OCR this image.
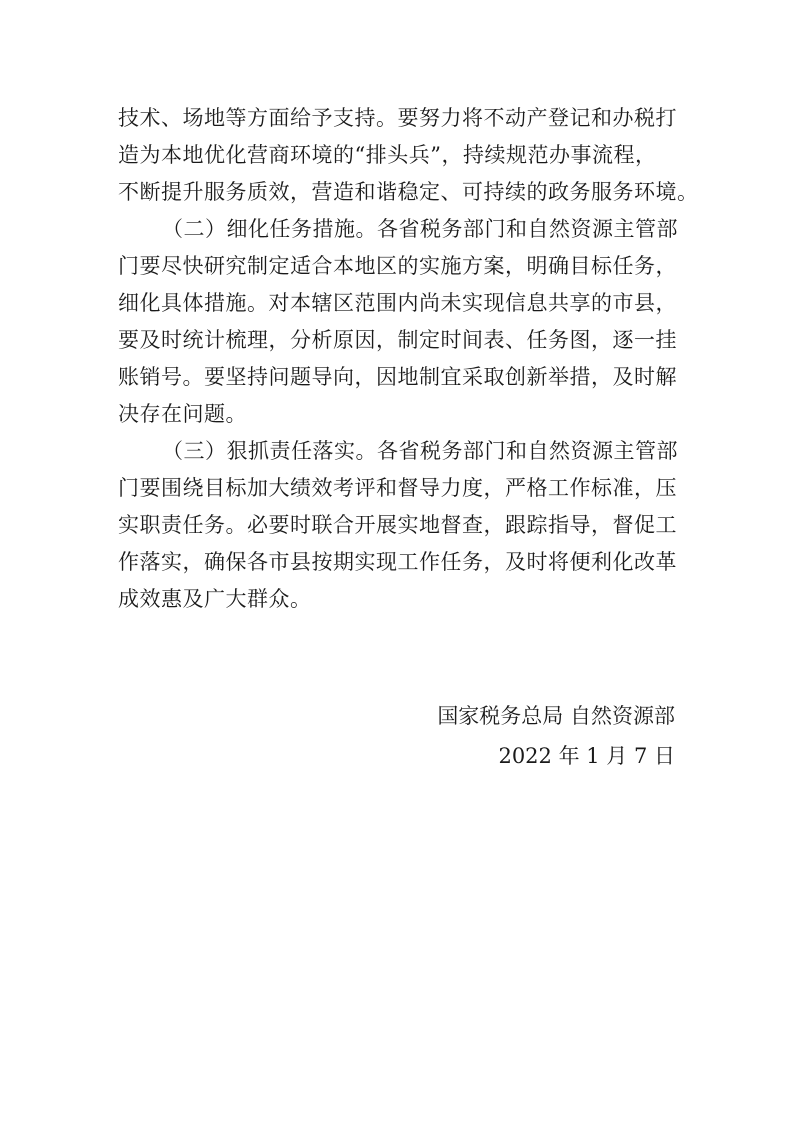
技术、场地等方面给予支持。要努力将不动产登记和办税打
造为本地优化营商环境的“排头兵”，持续规范办事流程，
不断提升服务质效，营造和谐稳定、可持续的政务服务环境。
（二）细化任务措施。各省税务部门和自然资源主管部
门要尽快研究制定适合本地区的实施方案，明确目标任务，
细化具体措施。对本辖区范围内尚未实现信息共享的市县，
要及时统计梳理，分析原因，制定时间表、任务图，逐一挂
账销号。要坚持问题导向，因地制宜采取创新举措，及时解
决存在问题。
（三）狠抓责任落实。各省税务部门和自然资源主管部
门要围绕目标加大绩效考评和督导力度，严格工作标准，压
实职责任务。必要时联合开展实地督查，跟踪指导，督促工
作落实，确保各市县按期实现工作任务，及时将便利化改革
成效惠及广大群众。
国家税务总局 自然资源部
2022 年 1 月 7 日
